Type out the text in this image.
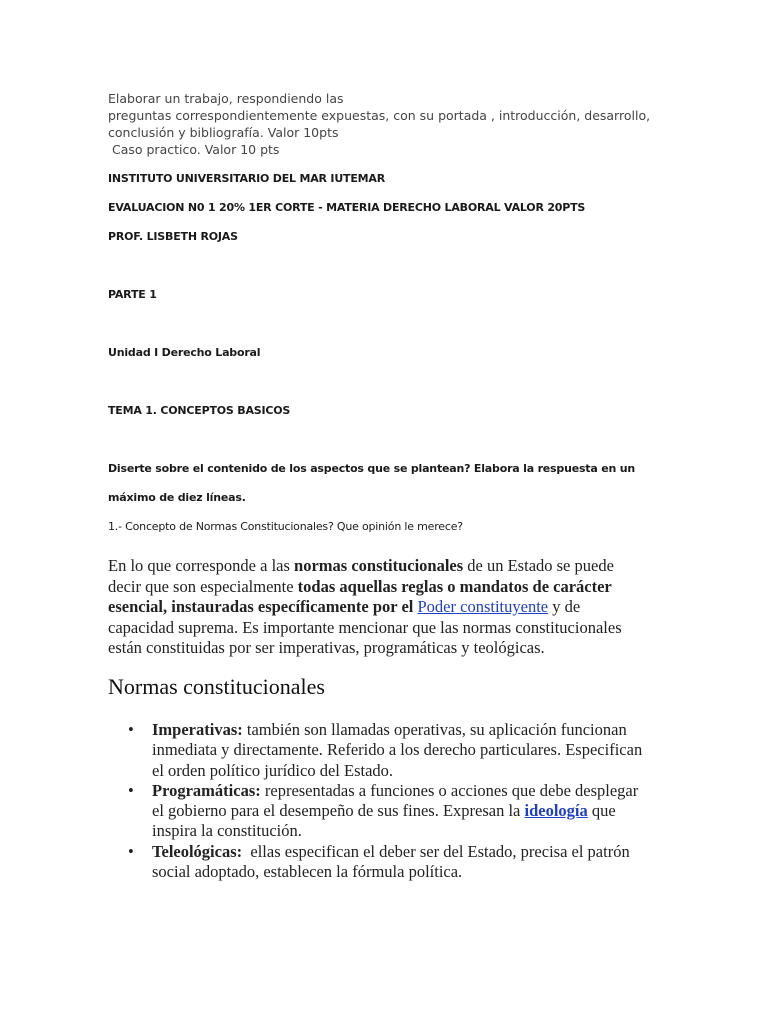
Elaborar un trabajo, respondiendo las
preguntas correspondientemente expuestas, con su portada , introducción, desarrollo,
conclusión y bibliografía. Valor 10pts
Caso practico. Valor 10 pts
INSTITUTO UNIVERSITARIO DEL MAR IUTEMAR
EVALUACION N0 1 20% 1ER CORTE - MATERIA DERECHO LABORAL VALOR 20PTS
PROF. LISBETH ROJAS
PARTE 1
Unidad I Derecho Laboral
TEMA 1. CONCEPTOS BASICOS
Diserte sobre el contenido de los aspectos que se plantean? Elabora la respuesta en un
máximo de diez líneas.
1.- Concepto de Normas Constitucionales? Que opinión le merece?
En lo que corresponde a las normas constitucionales de un Estado se puede
decir que son especialmente todas aquellas reglas o mandatos de carácter
esencial, instauradas específicamente por el Poder constituyente y de
capacidad suprema. Es importante mencionar que las normas constitucionales
están constituidas por ser imperativas, programáticas y teológicas.
Normas constitucionales
• Imperativas: también son llamadas operativas, su aplicación funcionan
inmediata y directamente. Referido a los derecho particulares. Especifican
el orden político jurídico del Estado.
• Programáticas: representadas a funciones o acciones que debe desplegar
el gobierno para el desempeño de sus fines. Expresan la ideología que
inspira la constitución.
• Teleológicas:  ellas especifican el deber ser del Estado, precisa el patrón
social adoptado, establecen la fórmula política.
